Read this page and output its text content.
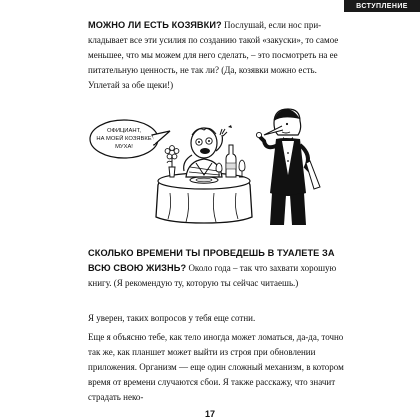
ВСТУПЛЕНИЕ

МОЖНО ЛИ ЕСТЬ КОЗЯВКИ? Послушай, если нос прикладывает все эти усилия по созданию такой «закуски», то самое меньшее, что мы можем для него сделать, – это посмотреть на ее питательную ценность, не так ли? (Да, козявки можно есть. Уплетай за обе щеки!)

ОФИЦИАНТ,
НА МОЕЙ КОЗЯВКЕ
МУХА!

СКОЛЬКО ВРЕМЕНИ ТЫ ПРОВЕДЕШЬ В ТУАЛЕТЕ ЗА ВСЮ СВОЮ ЖИЗНЬ? Около года – так что захвати хорошую книгу. (Я рекомендую ту, которую ты сейчас читаешь.)

Я уверен, таких вопросов у тебя еще сотни.

Еще я объясню тебе, как тело иногда может ломаться, да-да, точно так же, как планшет может выйти из строя при обновлении приложения. Организм — еще один сложный механизм, в котором время от времени случаются сбои. Я также расскажу, что значит страдать неко-

17
